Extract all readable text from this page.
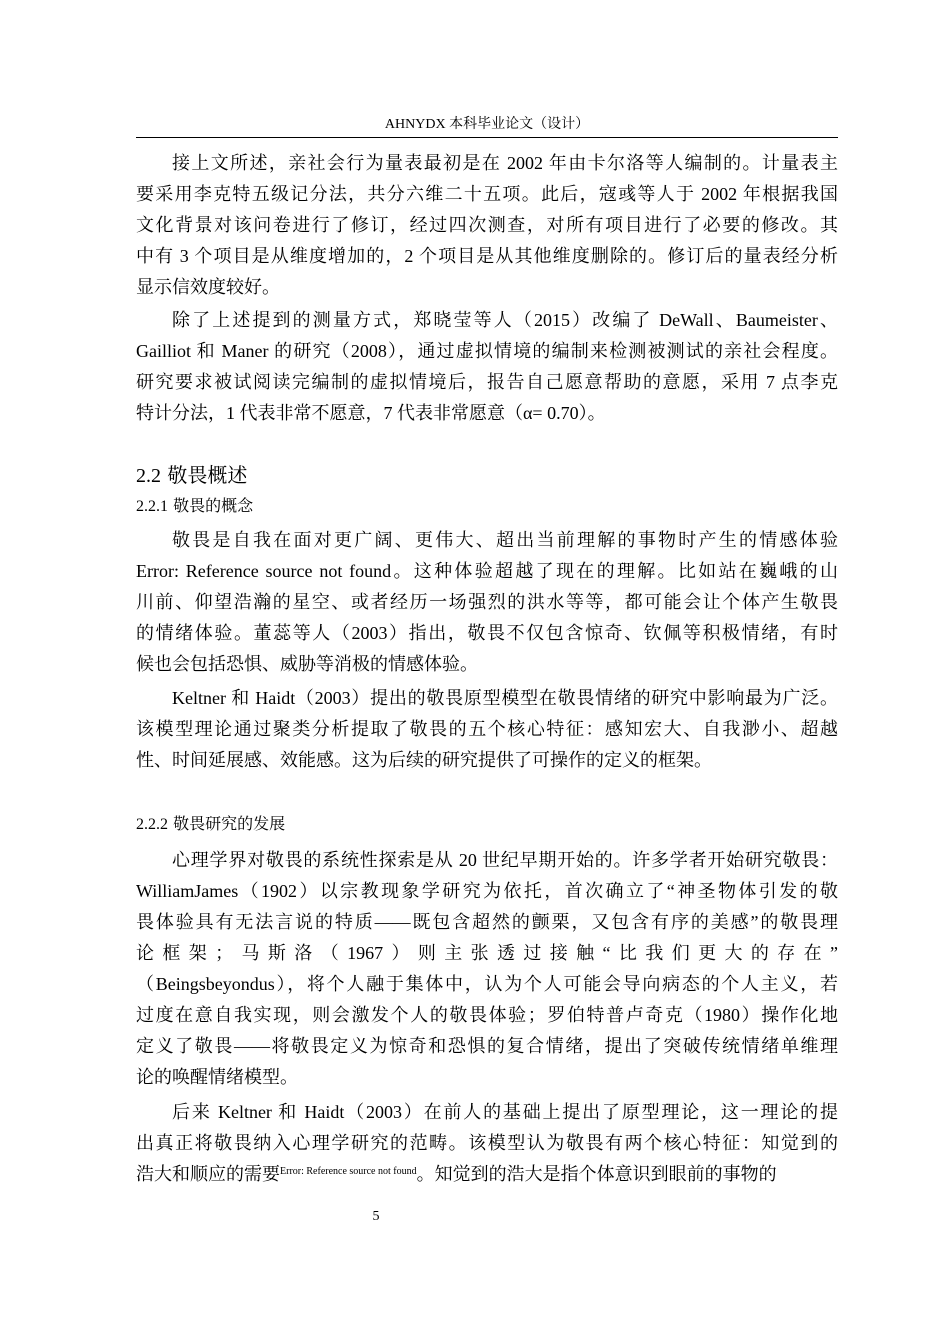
AHNYDX 本科毕业论文（设计）
接上文所述，亲社会行为量表最初是在 2002 年由卡尔洛等人编制的。计量表主
要采用李克特五级记分法，共分六维二十五项。此后，寇彧等人于 2002 年根据我国
文化背景对该问卷进行了修订，经过四次测查，对所有项目进行了必要的修改。其
中有 3 个项目是从维度增加的，2 个项目是从其他维度删除的。修订后的量表经分析
显示信效度较好。
除了上述提到的测量方式，郑晓莹等人（2015）改编了 DeWall、Baumeister、
Gailliot 和 Maner 的研究（2008），通过虚拟情境的编制来检测被测试的亲社会程度。
研究要求被试阅读完编制的虚拟情境后，报告自己愿意帮助的意愿，采用 7 点李克
特计分法，1 代表非常不愿意，7 代表非常愿意（α= 0.70）。
2.2 敬畏概述
2.2.1 敬畏的概念
敬畏是自我在面对更广阔、更伟大、超出当前理解的事物时产生的情感体验
Error: Reference source not found。这种体验超越了现在的理解。比如站在巍峨的山
川前、仰望浩瀚的星空、或者经历一场强烈的洪水等等，都可能会让个体产生敬畏
的情绪体验。董蕊等人（2003）指出，敬畏不仅包含惊奇、钦佩等积极情绪，有时
候也会包括恐惧、威胁等消极的情感体验。
Keltner 和 Haidt（2003）提出的敬畏原型模型在敬畏情绪的研究中影响最为广泛。
该模型理论通过聚类分析提取了敬畏的五个核心特征：感知宏大、自我渺小、超越
性、时间延展感、效能感。这为后续的研究提供了可操作的定义的框架。
2.2.2 敬畏研究的发展
心理学界对敬畏的系统性探索是从 20 世纪早期开始的。许多学者开始研究敬畏：
WilliamJames（1902）以宗教现象学研究为依托，首次确立了“神圣物体引发的敬
畏体验具有无法言说的特质——既包含超然的颤栗，又包含有序的美感”的敬畏理
论框架；马斯洛（1967）则主张透过接触“比我们更大的存在”
（Beingsbeyondus），将个人融于集体中，认为个人可能会导向病态的个人主义，若
过度在意自我实现，则会激发个人的敬畏体验；罗伯特普卢奇克（1980）操作化地
定义了敬畏——将敬畏定义为惊奇和恐惧的复合情绪，提出了突破传统情绪单维理
论的唤醒情绪模型。
后来 Keltner 和 Haidt（2003）在前人的基础上提出了原型理论，这一理论的提
出真正将敬畏纳入心理学研究的范畴。该模型认为敬畏有两个核心特征：知觉到的
浩大和顺应的需要$^{Error: Reference source not found}$。知觉到的浩大是指个体意识到眼前的事物的
5
